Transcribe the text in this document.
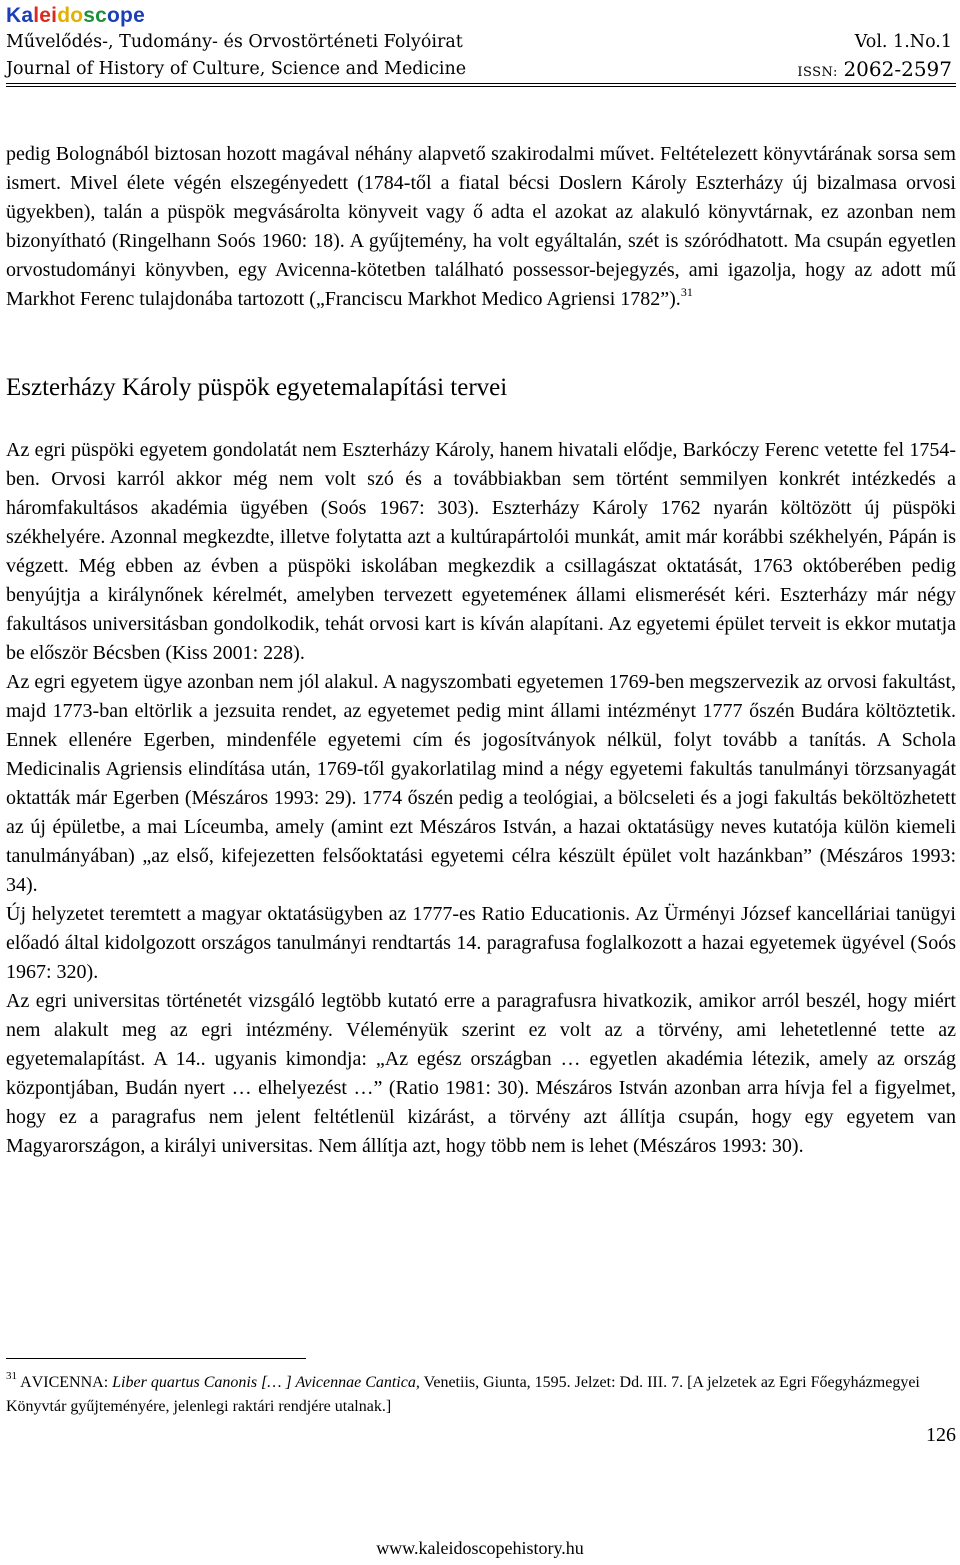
Kaleidoscope
Művelődés-, Tudomány- és Orvostörténeti Folyóirat
Journal of History of Culture, Science and Medicine
Vol. 1.No.1
ISSN: 2062-2597

pedig Bolognából biztosan hozott magával néhány alapvető szakirodalmi művet. Feltételezett könyvtárának sorsa sem ismert. Mivel élete végén elszegényedett (1784-től a fiatal bécsi Doslern Károly Eszterházy új bizalmasa orvosi ügyekben), talán a püspök megvásárolta könyveit vagy ő adta el azokat az alakuló könyvtárnak, ez azonban nem bizonyítható (Ringelhann Soós 1960: 18). A gyűjtemény, ha volt egyáltalán, szét is szóródhatott. Ma csupán egyetlen orvostudományi könyvben, egy Avicenna-kötetben található possessor-bejegyzés, ami igazolja, hogy az adott mű Markhot Ferenc tulajdonába tartozott („Franciscu Markhot Medico Agriensi 1782”).$^{31}$

Eszterházy Károly püspök egyetemalapítási tervei

Az egri püspöki egyetem gondolatát nem Eszterházy Károly, hanem hivatali elődje, Barkóczy Ferenc vetette fel 1754-ben. Orvosi karról akkor még nem volt szó és a továbbiakban sem történt semmilyen konkrét intézkedés a háromfakultásos akadémia ügyében (Soós 1967: 303). Eszterházy Károly 1762 nyarán költözött új püspöki székhelyére. Azonnal megkezdte, illetve folytatta azt a kultúrapártolói munkát, amit már korábbi székhelyén, Pápán is végzett. Még ebben az évben a püspöki iskolában megkezdik a csillagászat oktatását, 1763 októberében pedig benyújtja a királynőnek kérelmét, amelyben tervezett egyeteméneк állami elismerését kéri. Eszterházy már négy fakultásos universitásban gondolkodik, tehát orvosi kart is kíván alapítani. Az egyetemi épület terveit is ekkor mutatja be először Bécsben (Kiss 2001: 228).

Az egri egyetem ügye azonban nem jól alakul. A nagyszombati egyetemen 1769-ben megszervezik az orvosi fakultást, majd 1773-ban eltörlik a jezsuita rendet, az egyetemet pedig mint állami intézményt 1777 őszén Budára költöztetik. Ennek ellenére Egerben, mindenféle egyetemi cím és jogosítványok nélkül, folyt tovább a tanítás. A Schola Medicinalis Agriensis elindítása után, 1769-től gyakorlatilag mind a négy egyetemi fakultás tanulmányi törzsanyagát oktatták már Egerben (Mészáros 1993: 29). 1774 őszén pedig a teológiai, a bölcseleti és a jogi fakultás beköltözhetett az új épületbe, a mai Líceumba, amely (amint ezt Mészáros István, a hazai oktatásügy neves kutatója külön kiemeli tanulmányában) „az első, kifejezetten felsőoktatási egyetemi célra készült épület volt hazánkban” (Mészáros 1993: 34).

Új helyzetet teremtett a magyar oktatásügyben az 1777-es Ratio Educationis. Az Ürményi József kancelláriai tanügyi előadó által kidolgozott országos tanulmányi rendtartás 14. paragrafusa foglalkozott a hazai egyetemek ügyével (Soós 1967: 320).

Az egri universitas történetét vizsgáló legtöbb kutató erre a paragrafusra hivatkozik, amikor arról beszél, hogy miért nem alakult meg az egri intézmény. Véleményük szerint ez volt az a törvény, ami lehetetlenné tette az egyetemalapítást. A 14.. ugyanis kimondja: „Az egész országban … egyetlen akadémia létezik, amely az ország központjában, Budán nyert … elhelyezést …” (Ratio 1981: 30). Mészáros István azonban arra hívja fel a figyelmet, hogy ez a paragrafus nem jelent feltétlenül kizárást, a törvény azt állítja csupán, hogy egy egyetem van Magyarországon, a királyi universitas. Nem állítja azt, hogy több nem is lehet (Mészáros 1993: 30).

$^{31}$ AVICENNA: Liber quartus Canonis [… ] Avicennae Cantica, Venetiis, Giunta, 1595. Jelzet: Dd. III. 7. [A jelzetek az Egri Főegyházmegyei Könyvtár gyűjteményére, jelenlegi raktári rendjére utalnak.]
126
www.kaleidoscopehistory.hu
